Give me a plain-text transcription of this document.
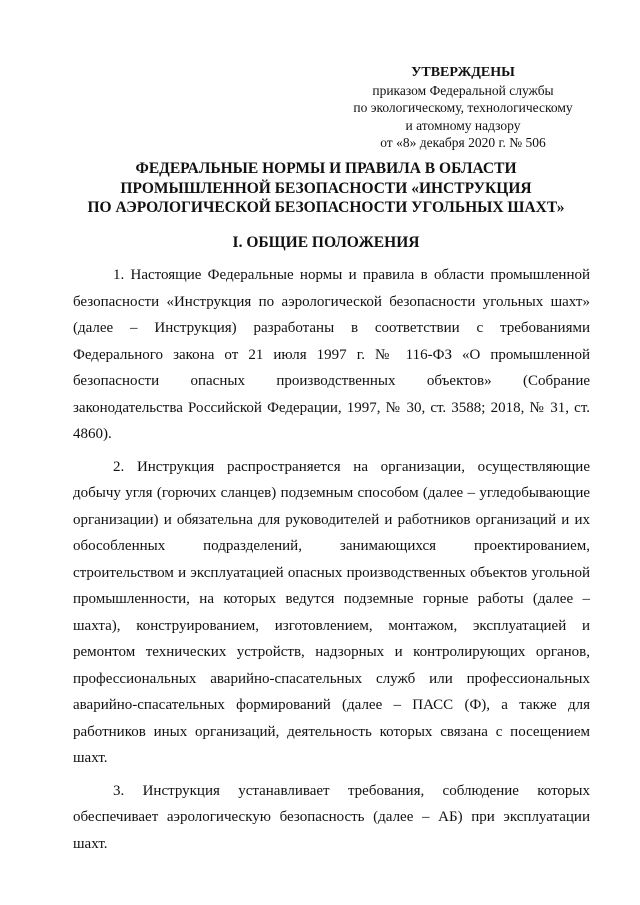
УТВЕРЖДЕНЫ
приказом Федеральной службы
по экологическому, технологическому
и атомному надзору
от «8» декабря 2020 г. № 506
ФЕДЕРАЛЬНЫЕ НОРМЫ И ПРАВИЛА В ОБЛАСТИ
ПРОМЫШЛЕННОЙ БЕЗОПАСНОСТИ «ИНСТРУКЦИЯ
ПО АЭРОЛОГИЧЕСКОЙ БЕЗОПАСНОСТИ УГОЛЬНЫХ ШАХТ»
I. ОБЩИЕ ПОЛОЖЕНИЯ

1. Настоящие Федеральные нормы и правила в области промышленной безопасности «Инструкция по аэрологической безопасности угольных шахт» (далее – Инструкция) разработаны в соответствии с требованиями Федерального закона от 21 июля 1997 г. № 116-ФЗ «О промышленной безопасности опасных производственных объектов» (Собрание законодательства Российской Федерации, 1997, № 30, ст. 3588; 2018, № 31, ст. 4860).

2. Инструкция распространяется на организации, осуществляющие добычу угля (горючих сланцев) подземным способом (далее – угледобывающие организации) и обязательна для руководителей и работников организаций и их обособленных подразделений, занимающихся проектированием, строительством и эксплуатацией опасных производственных объектов угольной промышленности, на которых ведутся подземные горные работы (далее – шахта), конструированием, изготовлением, монтажом, эксплуатацией и ремонтом технических устройств, надзорных и контролирующих органов, профессиональных аварийно-спасательных служб или профессиональных аварийно-спасательных формирований (далее – ПАСС (Ф), а также для работников иных организаций, деятельность которых связана с посещением шахт.

3. Инструкция устанавливает требования, соблюдение которых обеспечивает аэрологическую безопасность (далее – АБ) при эксплуатации шахт.
